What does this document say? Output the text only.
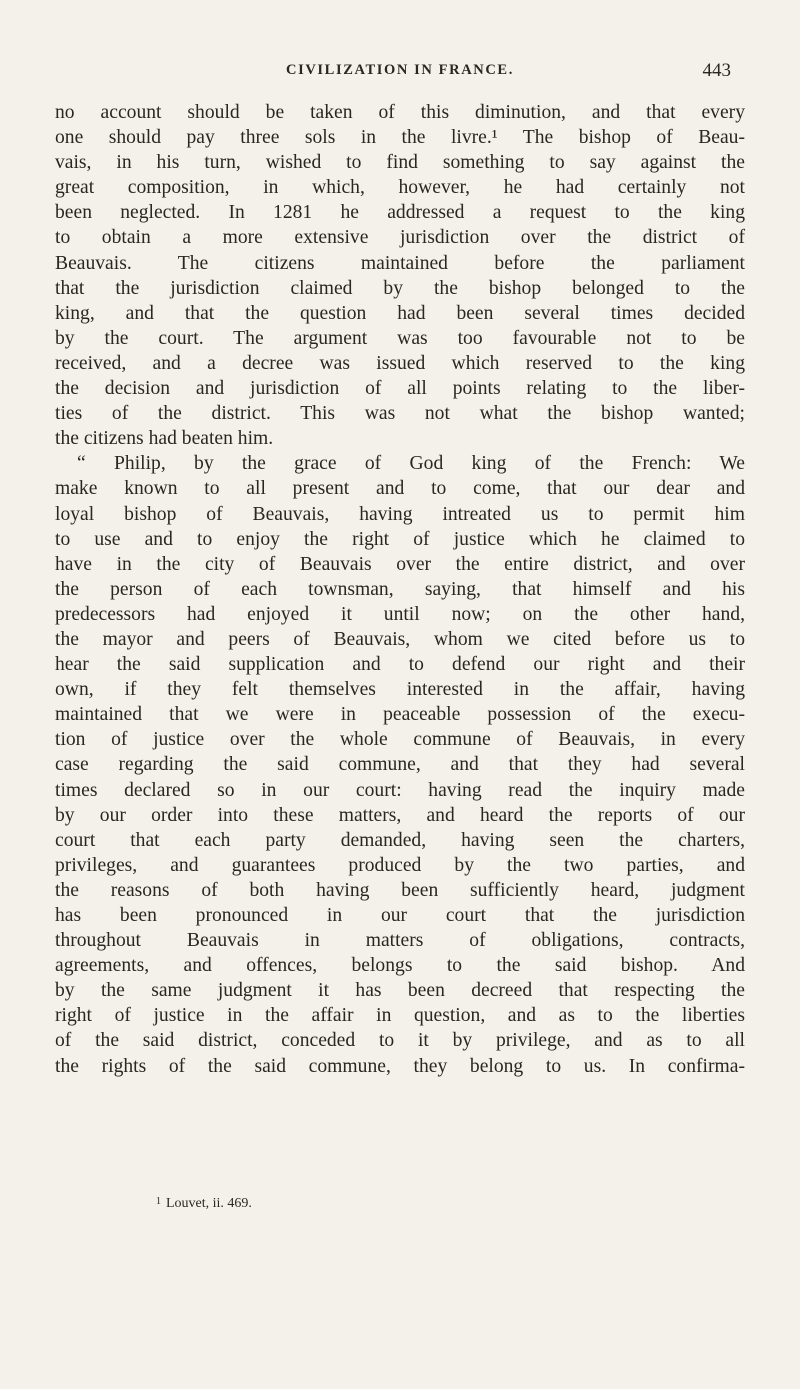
CIVILIZATION IN FRANCE.	443
no account should be taken of this diminution, and that every
one should pay three sols in the livre.¹ The bishop of Beau-
vais, in his turn, wished to find something to say against the
great composition, in which, however, he had certainly not
been neglected. In 1281 he addressed a request to the king
to obtain a more extensive jurisdiction over the district of
Beauvais. The citizens maintained before the parliament
that the jurisdiction claimed by the bishop belonged to the
king, and that the question had been several times decided
by the court. The argument was too favourable not to be
received, and a decree was issued which reserved to the king
the decision and jurisdiction of all points relating to the liber-
ties of the district. This was not what the bishop wanted;
the citizens had beaten him.
“ Philip, by the grace of God king of the French: We
make known to all present and to come, that our dear and
loyal bishop of Beauvais, having intreated us to permit him
to use and to enjoy the right of justice which he claimed to
have in the city of Beauvais over the entire district, and over
the person of each townsman, saying, that himself and his
predecessors had enjoyed it until now; on the other hand,
the mayor and peers of Beauvais, whom we cited before us to
hear the said supplication and to defend our right and their
own, if they felt themselves interested in the affair, having
maintained that we were in peaceable possession of the execu-
tion of justice over the whole commune of Beauvais, in every
case regarding the said commune, and that they had several
times declared so in our court: having read the inquiry made
by our order into these matters, and heard the reports of our
court that each party demanded, having seen the charters,
privileges, and guarantees produced by the two parties, and
the reasons of both having been sufficiently heard, judgment
has been pronounced in our court that the jurisdiction
throughout Beauvais in matters of obligations, contracts,
agreements, and offences, belongs to the said bishop. And
by the same judgment it has been decreed that respecting the
right of justice in the affair in question, and as to the liberties
of the said district, conceded to it by privilege, and as to all
the rights of the said commune, they belong to us. In confirma-
$^1$ Louvet, ii. 469.
